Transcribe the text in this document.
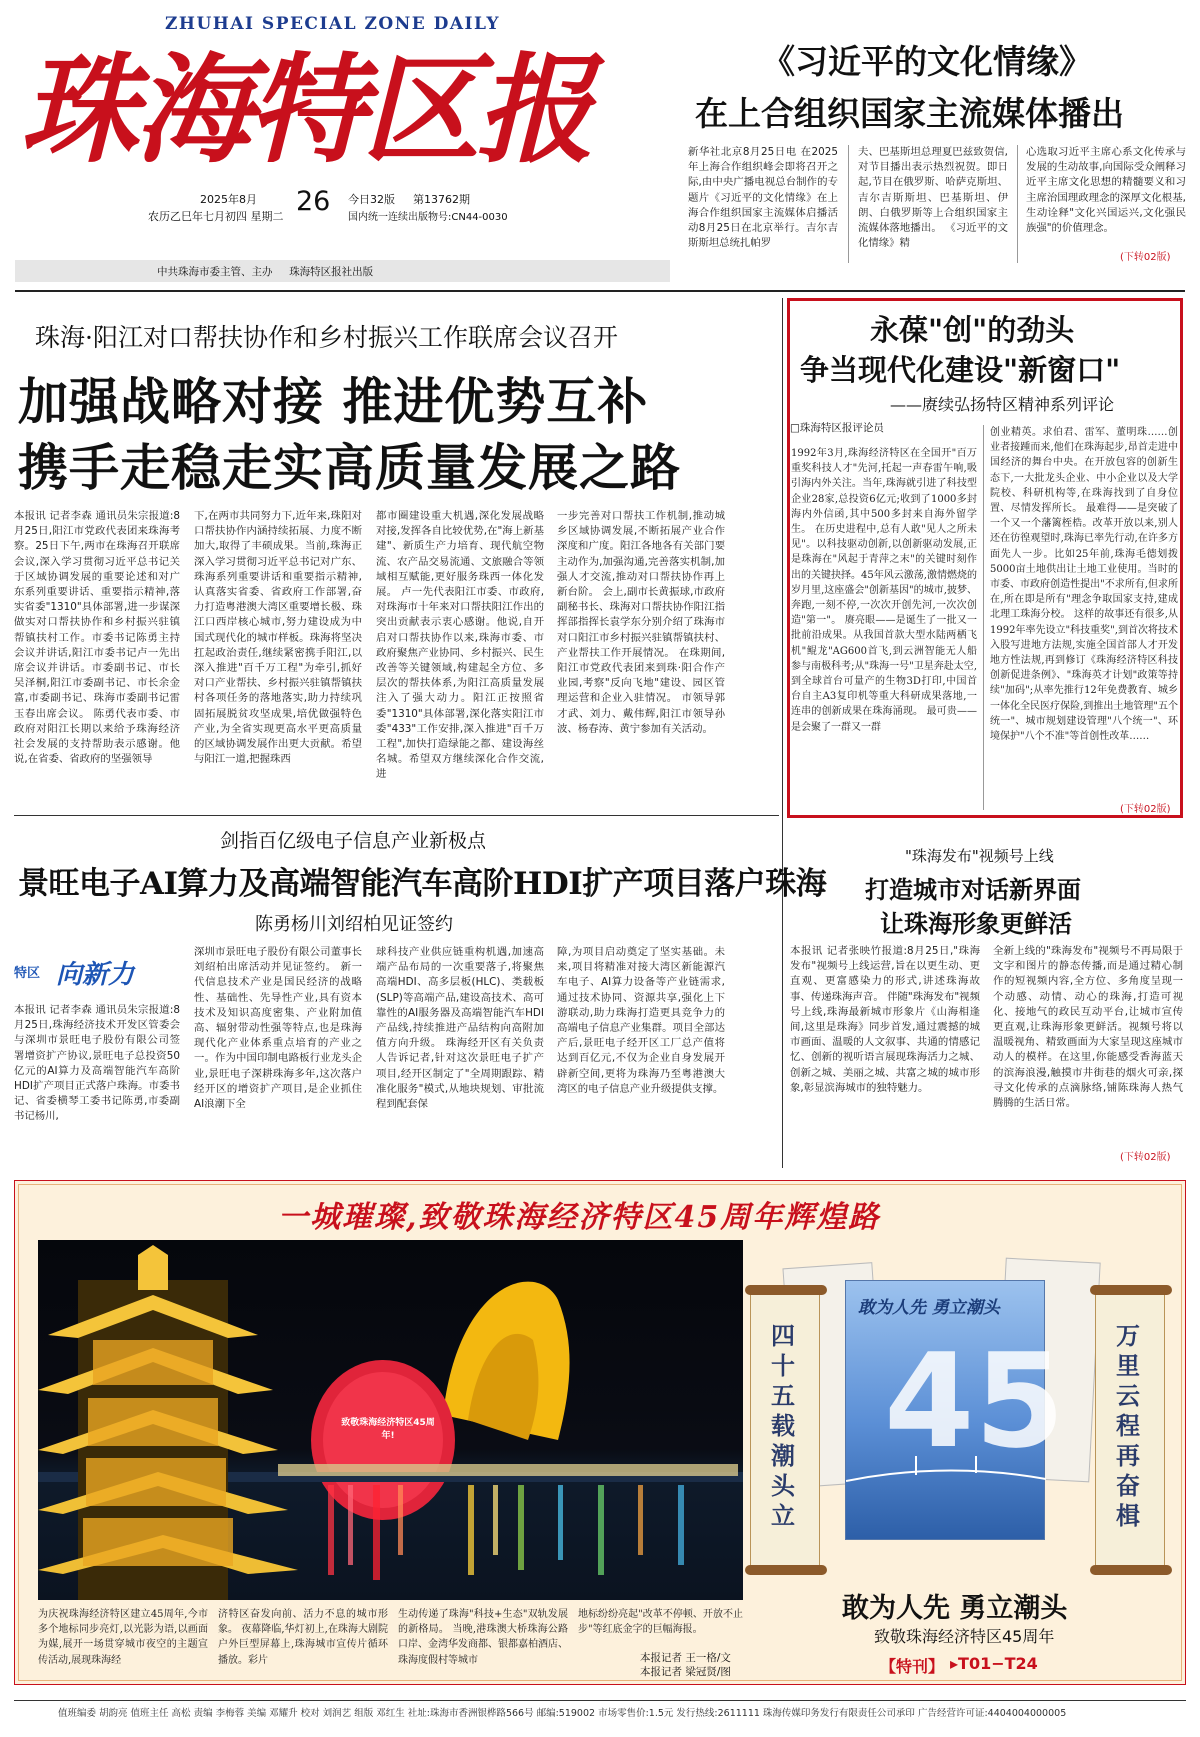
ZHUHAI SPECIAL ZONE DAILY
珠海特区报
2025年8月 26
农历乙巳年七月初四 星期二
今日32版 第13762期
国内统一连续出版物号:CN44-0030
中共珠海市委主管、主办 珠海特区报社出版
《习近平的文化情缘》
在上合组织国家主流媒体播出
新华社北京8月25日电 在2025年上海合作组织峰会即将召开之际,由中央广播电视总台制作的专题片《习近平的文化情缘》在上海合作组织国家主流媒体启播活动8月25日在北京举行。吉尔吉斯斯坦总统扎帕罗
夫、巴基斯坦总理夏巴兹致贺信,对节目播出表示热烈祝贺。即日起,节目在俄罗斯、哈萨克斯坦、吉尔吉斯斯坦、巴基斯坦、伊朗、白俄罗斯等上合组织国家主流媒体落地播出。 《习近平的文化情缘》精
心选取习近平主席心系文化传承与发展的生动故事,向国际受众阐释习近平主席文化思想的精髓要义和习主席治国理政理念的深厚文化根基,生动诠释"文化兴国运兴,文化强民族强"的价值理念。
(下转02版)
珠海·阳江对口帮扶协作和乡村振兴工作联席会议召开
加强战略对接 推进优势互补
携手走稳走实高质量发展之路
本报讯 记者李森 通讯员朱宗报道:8月25日,阳江市党政代表团来珠海考察。25日下午,两市在珠海召开联席会议,深入学习贯彻习近平总书记关于区域协调发展的重要论述和对广东系列重要讲话、重要指示精神,落实省委"1310"具体部署,进一步谋深做实对口帮扶协作和乡村振兴驻镇帮镇扶村工作。市委书记陈勇主持会议并讲话,阳江市委书记卢一先出席会议并讲话。市委副书记、市长吴泽桐,阳江市委副书记、市长余金富,市委副书记、珠海市委副书记雷玉春出席会议。 陈勇代表市委、市政府对阳江长期以来给予珠海经济社会发展的支持帮助表示感谢。他说,在省委、省政府的坚强领导
下,在两市共同努力下,近年来,珠阳对口帮扶协作内涵持续拓展、力度不断加大,取得了丰硕成果。当前,珠海正深入学习贯彻习近平总书记对广东、珠海系列重要讲话和重要指示精神,认真落实省委、省政府工作部署,奋力打造粤港澳大湾区重要增长极、珠江口西岸核心城市,努力建设成为中国式现代化的城市样板。珠海将坚决扛起政治责任,继续紧密携手阳江,以深入推进"百千万工程"为牵引,抓好对口产业帮扶、乡村振兴驻镇帮镇扶村各项任务的落地落实,助力持续巩固拓展脱贫攻坚成果,培优做强特色产业,为全省实现更高水平更高质量的区域协调发展作出更大贡献。希望与阳江一道,把握珠西
都市圈建设重大机遇,深化发展战略对接,发挥各自比较优势,在"海上新基建"、新质生产力培育、现代航空物流、农产品交易流通、文旅融合等领域相互赋能,更好服务珠西一体化发展。 卢一先代表阳江市委、市政府,对珠海市十年来对口帮扶阳江作出的突出贡献表示衷心感谢。他说,自开启对口帮扶协作以来,珠海市委、市政府聚焦产业协同、乡村振兴、民生改善等关键领域,构建起全方位、多层次的帮扶体系,为阳江高质量发展注入了强大动力。阳江正按照省委"1310"具体部署,深化落实阳江市委"433"工作安排,深入推进"百千万工程",加快打造绿能之都、建设海丝名城。希望双方继续深化合作交流,进
一步完善对口帮扶工作机制,推动城乡区域协调发展,不断拓展产业合作深度和广度。阳江各地各有关部门要主动作为,加强沟通,完善落实机制,加强人才交流,推动对口帮扶协作再上新台阶。 会上,副市长黄振球,市政府副秘书长、珠海对口帮扶协作阳江指挥部指挥长袁学东分别介绍了珠海市对口阳江市乡村振兴驻镇帮镇扶村、产业帮扶工作开展情况。 在珠期间,阳江市党政代表团来到珠·阳合作产业园,考察"反向飞地"建设、园区管理运营和企业入驻情况。 市领导郭才武、刘力、戴伟辉,阳江市领导孙波、杨春涛、黄宁参加有关活动。
永葆"创"的劲头
争当现代化建设"新窗口"
——赓续弘扬特区精神系列评论
□珠海特区报评论员
1992年3月,珠海经济特区在全国开"百万重奖科技人才"先河,托起一声春雷午响,吸引海内外关注。当年,珠海就引进了科技型企业28家,总投资6亿元;收到了1000多封海内外信函,其中500多封来自海外留学生。 在历史进程中,总有人敢"见人之所未见"。以科技驱动创新,以创新驱动发展,正是珠海在"风起于青萍之末"的关键时刻作出的关键抉择。45年风云激荡,激情燃烧的岁月里,这座盛会"创新基因"的城市,披梦、奔跑,一刻不停,一次次开创先河,一次次创造"第一"。 赓亮眼——是诞生了一批又一批前沿成果。从我国首款大型水陆两栖飞机"鲲龙"AG600首飞,到云洲智能无人船参与南极科考;从"珠海一号"卫星奔赴太空,到全球首台可量产的生物3D打印,中国首台自主A3复印机等重大科研成果落地,一连串的创新成果在珠海涌现。 最可贵——是会聚了一群又一群
创业精英。求伯君、雷军、董明珠……创业者接踵而来,他们在珠海起步,昂首走进中国经济的舞台中央。在开放包容的创新生态下,一大批龙头企业、中小企业以及大学院校、科研机构等,在珠海找到了自身位置、尽情发挥所长。 最难得——是突破了一个又一个藩篱桎梏。改革开放以来,别人还在彷徨观望时,珠海已率先行动,在许多方面先人一步。比如25年前,珠海毛德划拨5000亩土地供出让土地工业使用。当时的市委、市政府创造性提出"不求所有,但求所在,所在即是所有"理念争取国家支持,建成北理工珠海分校。 这样的故事还有很多,从1992年率先设立"科技重奖",到首次将技术入股写进地方法规,实施全国首部人才开发地方性法规,再到修订《珠海经济特区科技创新促进条例》、"珠海英才计划"政策等持续"加码";从率先推行12年免费教育、城乡一体化全民医疗保险,到推出土地管理"五个统一"、城市规划建设管理"八个统一"、环境保护"八个不准"等首创性改革……
(下转02版)
剑指百亿级电子信息产业新极点
景旺电子AI算力及高端智能汽车高阶HDI扩产项目落户珠海
陈勇杨川刘绍柏见证签约
特区 向新力
本报讯 记者李森 通讯员朱宗报道:8月25日,珠海经济技术开发区管委会与深圳市景旺电子股份有限公司签署增资扩产协议,景旺电子总投资50亿元的AI算力及高端智能汽车高阶HDI扩产项目正式落户珠海。市委书记、省委横琴工委书记陈勇,市委副书记杨川,
深圳市景旺电子股份有限公司董事长刘绍柏出席活动并见证签约。 新一代信息技术产业是国民经济的战略性、基础性、先导性产业,具有资本技术及知识高度密集、产业附加值高、辐射带动性强等特点,也是珠海现代化产业体系重点培育的产业之一。作为中国印制电路板行业龙头企业,景旺电子深耕珠海多年,这次落户经开区的增资扩产项目,是企业抓住AI浪潮下全
球科技产业供应链重构机遇,加速高端产品布局的一次重要落子,将聚焦高端HDI、高多层板(HLC)、类载板(SLP)等高端产品,建设高技术、高可靠性的AI服务器及高端智能汽车HDI产品线,持续推进产品结构向高附加值方向升级。 珠海经开区有关负责人告诉记者,针对这次景旺电子扩产项目,经开区制定了"全周期跟踪、精准化服务"模式,从地块规划、审批流程到配套保
障,为项目启动奠定了坚实基础。未来,项目将精准对接大湾区新能源汽车电子、AI算力设备等产业链需求,通过技术协同、资源共享,强化上下游联动,助力珠海打造更具竞争力的高端电子信息产业集群。项目全部达产后,景旺电子经开区工厂总产值将达到百亿元,不仅为企业自身发展开辟新空间,更将为珠海乃至粤港澳大湾区的电子信息产业升级提供支撑。
"珠海发布"视频号上线
打造城市对话新界面
让珠海形象更鲜活
本报讯 记者张映竹报道:8月25日,"珠海发布"视频号上线运营,旨在以更生动、更直观、更富感染力的形式,讲述珠海故事、传递珠海声音。 伴随"珠海发布"视频号上线,珠海最新城市形象片《山海相逢间,这里是珠海》同步首发,通过震撼的城市画面、温暖的人文叙事、共通的情感记忆、创新的视听语言展现珠海活力之城、创新之城、美丽之城、共富之城的城市形象,彰显滨海城市的独特魅力。
全新上线的"珠海发布"视频号不再局限于文字和图片的静态传播,而是通过精心制作的短视频内容,全方位、多角度呈现一个动感、动情、动心的珠海,打造可视化、接地气的政民互动平台,让城市宣传更直观,让珠海形象更鲜活。视频号将以温暖视角、精致画面为大家呈现这座城市动人的模样。在这里,你能感受香海蓝天的滨海浪漫,触摸市井街巷的烟火可亲,探寻文化传承的点滴脉络,铺陈珠海人热气腾腾的生活日常。
(下转02版)
一城璀璨,致敬珠海经济特区45周年辉煌路
致敬珠海经济特区45周年!
为庆祝珠海经济特区建立45周年,今市多个地标同步亮灯,以光影为语,以画面为媒,展开一场贯穿城市夜空的主题宣传活动,展现珠海经
济特区奋发向前、活力不息的城市形象。 夜幕降临,华灯初上,在珠海大剧院户外巨型屏幕上,珠海城市宣传片循环播放。彩片
生动传递了珠海"科技+生态"双轨发展的新格局。 当晚,港珠澳大桥珠海公路口岸、金湾华发商都、银都嘉柏酒店、珠海度假村等城市
地标纷纷亮起"改革不停顿、开放不止步"等红底金字的巨幅海报。
本报记者 王一格/文
本报记者 梁冠贤/图
四十五载潮头立
万里云程再奋楫
敢为人先 勇立潮头
45
敢为人先 勇立潮头
致敬珠海经济特区45周年
【特刊】 ▸T01−T24
值班编委 胡韵亮 值班主任 高松 责编 李梅蓉 美编 邓耀升 校对 刘润艺 组版 邓红生 社址:珠海市香洲银桦路566号 邮编:519002 市场零售价:1.5元 发行热线:2611111 珠海传媒印务发行有限责任公司承印 广告经营许可证:4404004000005
